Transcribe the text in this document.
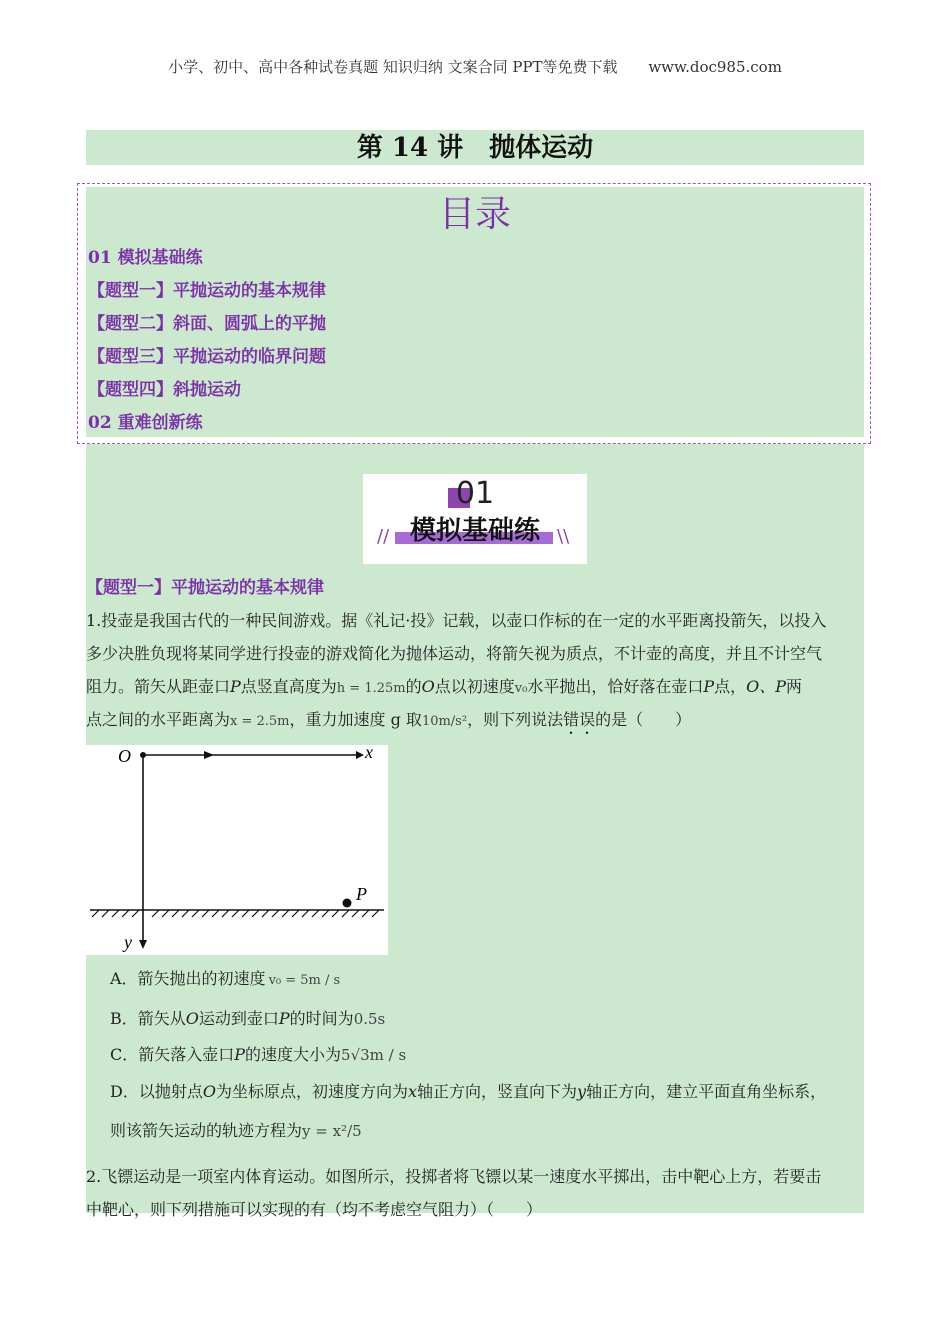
小学、初中、高中各种试卷真题 知识归纳 文案合同 PPT等免费下载 www.doc985.com
第 14 讲　抛体运动
目录
01 模拟基础练
【题型一】平抛运动的基本规律
【题型二】斜面、圆弧上的平抛
【题型三】平抛运动的临界问题
【题型四】斜抛运动
02 重难创新练
01
模拟基础练
//	\\
【题型一】平抛运动的基本规律
1.投壶是我国古代的一种民间游戏。据《礼记·投》记载，以壶口作标的在一定的水平距离投箭矢，以投入
多少决胜负现将某同学进行投壶的游戏简化为抛体运动，将箭矢视为质点，不计壶的高度，并且不计空气
阻力。箭矢从距壶口P点竖直高度为h = 1.25m的O点以初速度v₀水平抛出，恰好落在壶口P点，O、P两
点之间的水平距离为x = 2.5m，重力加速度 g 取10m/s²，则下列说法错误的是（　　）
O	x
y
P
A．箭矢抛出的初速度 v₀ = 5m / s
B．箭矢从O运动到壶口P的时间为0.5s
C．箭矢落入壶口P的速度大小为5√3m / s
D．以抛射点O为坐标原点，初速度方向为x轴正方向，竖直向下为y轴正方向，建立平面直角坐标系，
则该箭矢运动的轨迹方程为y = x²/5
2.飞镖运动是一项室内体育运动。如图所示，投掷者将飞镖以某一速度水平掷出，击中靶心上方，若要击
中靶心，则下列措施可以实现的有（均不考虑空气阻力）（　　）
